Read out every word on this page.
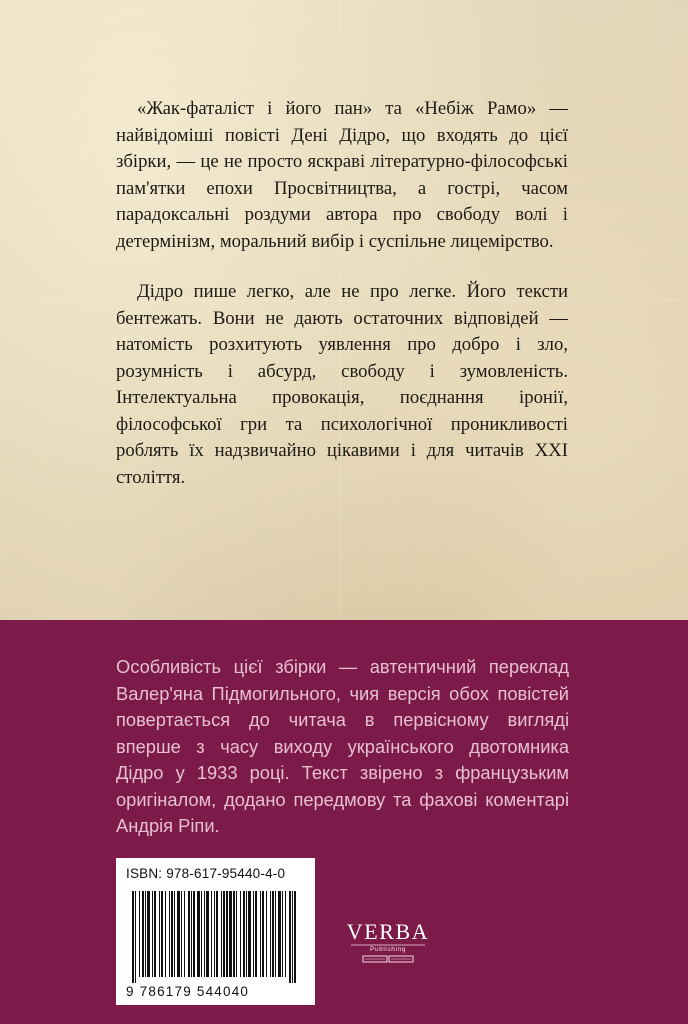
«Жак-фаталіст і його пан» та «Небіж Рамо» — найвідоміші повісті Дені Дідро, що входять до цієї збірки, — це не просто яскраві літературно-філософські пам'ятки епохи Просвітництва, а гострі, часом парадоксальні роздуми автора про свободу волі і детермінізм, моральний вибір і суспільне лицемірство.

Дідро пише легко, але не про легке. Його тексти бентежать. Вони не дають остаточних відповідей — натомість розхитують уявлення про добро і зло, розумність і абсурд, свободу і зумовленість. Інтелектуальна провокація, поєднання іронії, філософської гри та психологічної проникливості роблять їх надзвичайно цікавими і для читачів XXI століття.

Особливість цієї збірки — автентичний переклад Валер'яна Підмогильного, чия версія обох повістей повертається до читача в первісному вигляді вперше з часу виходу українського двотомника Дідро у 1933 році. Текст звірено з французьким оригіналом, додано передмову та фахові коментарі Андрія Ріпи.
ISBN: 978-617-95440-4-0
9 786179 544040
VERBA
Publishing
